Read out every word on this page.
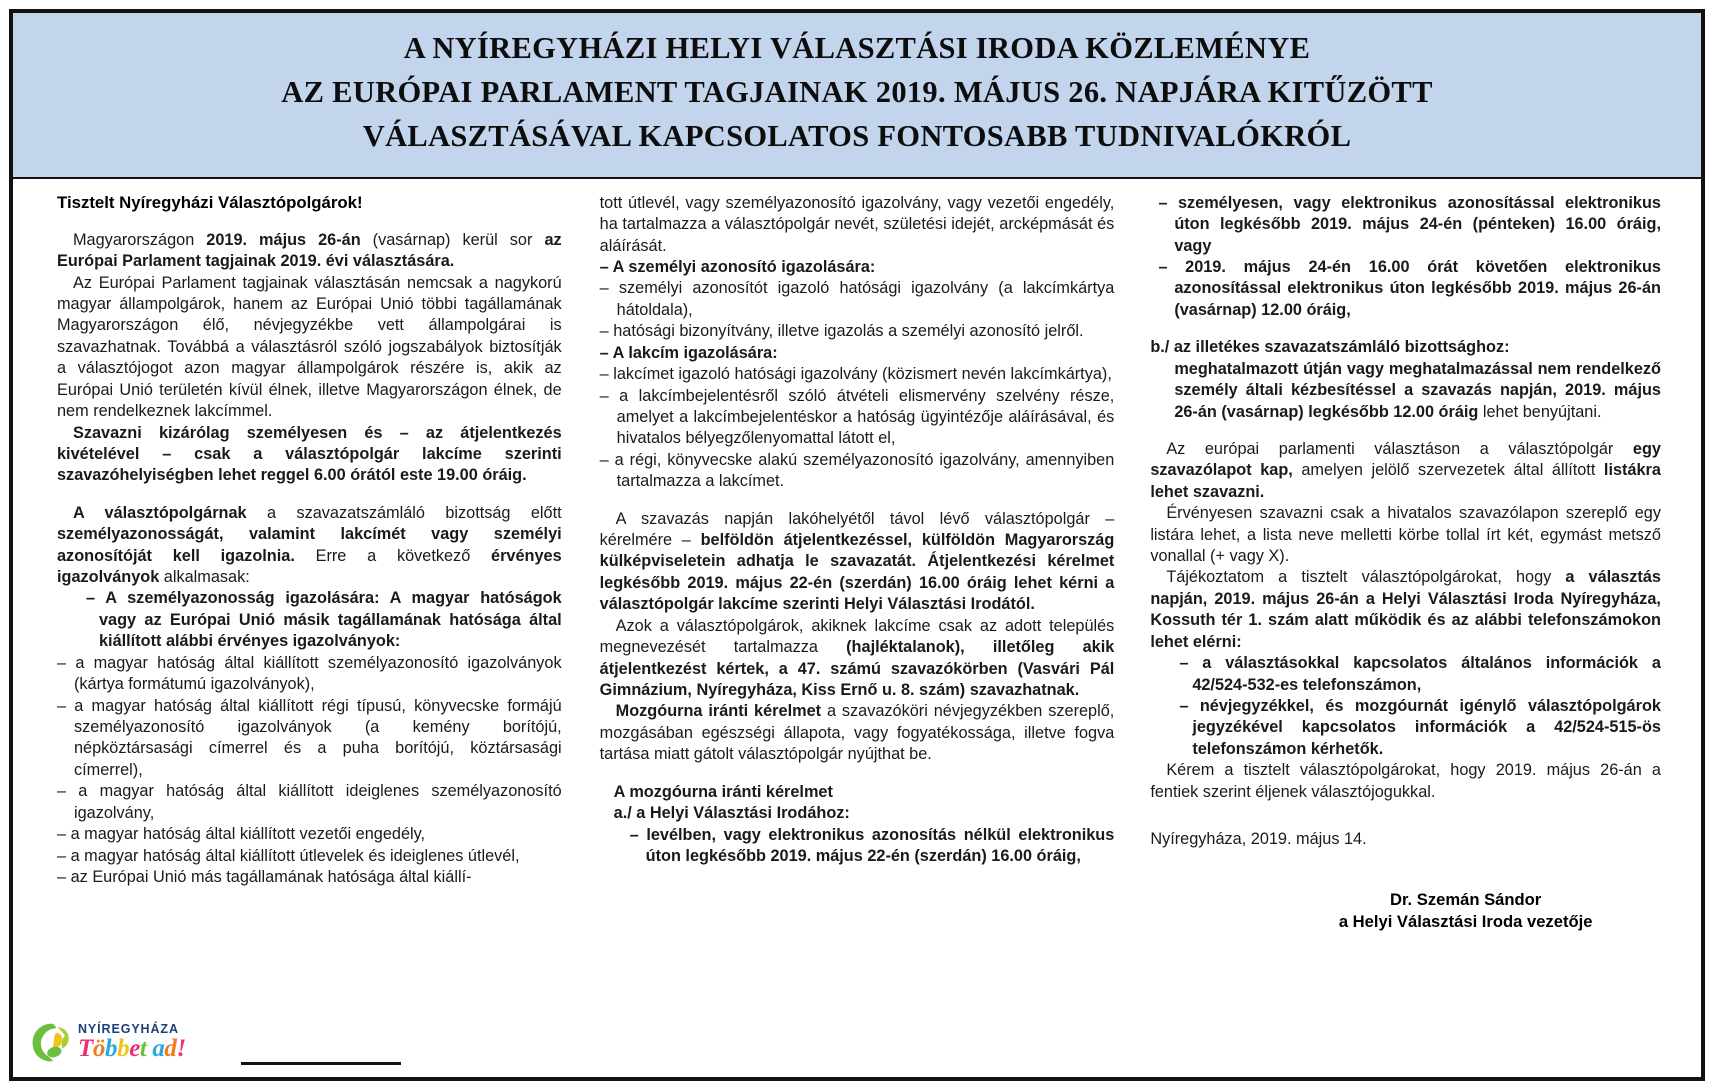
A NYÍREGYHÁZI HELYI VÁLASZTÁSI IRODA KÖZLEMÉNYE
AZ EURÓPAI PARLAMENT TAGJAINAK 2019. MÁJUS 26. NAPJÁRA KITŰZÖTT
VÁLASZTÁSÁVAL KAPCSOLATOS FONTOSABB TUDNIVALÓKRÓL
Tisztelt Nyíregyházi Választópolgárok!

Magyarországon 2019. május 26-án (vasárnap) kerül sor az Európai Parlament tagjainak 2019. évi választására.

Az Európai Parlament tagjainak választásán nemcsak a nagykorú magyar állampolgárok, hanem az Európai Unió többi tagállamának Magyarországon élő, névjegyzékbe vett állampolgárai is szavazhatnak. Továbbá a választásról szóló jogszabályok biztosítják a választójogot azon magyar állampolgárok részére is, akik az Európai Unió területén kívül élnek, illetve Magyarországon élnek, de nem rendelkeznek lakcímmel.

Szavazni kizárólag személyesen és – az átjelentkezés kivételével – csak a választópolgár lakcíme szerinti szavazóhelyiségben lehet reggel 6.00 órától este 19.00 óráig.

A választópolgárnak a szavazatszámláló bizottság előtt személyazonosságát, valamint lakcímét vagy személyi azonosítóját kell igazolnia. Erre a következő érvényes igazolványok alkalmasak:

– A személyazonosság igazolására: A magyar hatóságok vagy az Európai Unió másik tagállamának hatósága által kiállított alábbi érvényes igazolványok:
– a magyar hatóság által kiállított személyazonosító igazolványok (kártya formátumú igazolványok),
– a magyar hatóság által kiállított régi típusú, könyvecske formájú személyazonosító igazolványok (a kemény borítójú, népköztársasági címerrel és a puha borítójú, köztársasági címerrel),
– a magyar hatóság által kiállított ideiglenes személyazonosító igazolvány,
– a magyar hatóság által kiállított vezetői engedély,
– a magyar hatóság által kiállított útlevelek és ideiglenes útlevél,
– az Európai Unió más tagállamának hatósága által kiállí-

tott útlevél, vagy személyazonosító igazolvány, vagy vezetői engedély, ha tartalmazza a választópolgár nevét, születési idejét, arcképmását és aláírását.

– A személyi azonosító igazolására:
– személyi azonosítót igazoló hatósági igazolvány (a lakcímkártya hátoldala),
– hatósági bizonyítvány, illetve igazolás a személyi azonosító jelről.
– A lakcím igazolására:
– lakcímet igazoló hatósági igazolvány (közismert nevén lakcímkártya),
– a lakcímbejelentésről szóló átvételi elismervény szelvény része, amelyet a lakcímbejelentéskor a hatóság ügyintézője aláírásával, és hivatalos bélyegzőlenyomattal látott el,
– a régi, könyvecske alakú személyazonosító igazolvány, amennyiben tartalmazza a lakcímet.

A szavazás napján lakóhelyétől távol lévő választópolgár – kérelmére – belföldön átjelentkezéssel, külföldön Magyarország külképviseletein adhatja le szavazatát. Átjelentkezési kérelmet legkésőbb 2019. május 22-én (szerdán) 16.00 óráig lehet kérni a választópolgár lakcíme szerinti Helyi Választási Irodától.

Azok a választópolgárok, akiknek lakcíme csak az adott település megnevezését tartalmazza (hajléktalanok), illetőleg akik átjelentkezést kértek, a 47. számú szavazókörben (Vasvári Pál Gimnázium, Nyíregyháza, Kiss Ernő u. 8. szám) szavazhatnak.

Mozgóurna iránti kérelmet a szavazóköri névjegyzékben szereplő, mozgásában egészségi állapota, vagy fogyatékossága, illetve fogva tartása miatt gátolt választópolgár nyújthat be.

A mozgóurna iránti kérelmet
a./ a Helyi Választási Irodához:
– levélben, vagy elektronikus azonosítás nélkül elektronikus úton legkésőbb 2019. május 22-én (szerdán) 16.00 óráig,
– személyesen, vagy elektronikus azonosítással elektronikus úton legkésőbb 2019. május 24-én (pénteken) 16.00 óráig, vagy
– 2019. május 24-én 16.00 órát követően elektronikus azonosítással elektronikus úton legkésőbb 2019. május 26-án (vasárnap) 12.00 óráig,
b./ az illetékes szavazatszámláló bizottsághoz:
meghatalmazott útján vagy meghatalmazással nem rendelkező személy általi kézbesítéssel a szavazás napján, 2019. május 26-án (vasárnap) legkésőbb 12.00 óráig lehet benyújtani.

Az európai parlamenti választáson a választópolgár egy szavazólapot kap, amelyen jelölő szervezetek által állított listákra lehet szavazni.

Érvényesen szavazni csak a hivatalos szavazólapon szereplő egy listára lehet, a lista neve melletti körbe tollal írt két, egymást metsző vonallal (+ vagy X).

Tájékoztatom a tisztelt választópolgárokat, hogy a választás napján, 2019. május 26-án a Helyi Választási Iroda Nyíregyháza, Kossuth tér 1. szám alatt működik és az alábbi telefonszámokon lehet elérni:

– a választásokkal kapcsolatos általános információk a 42/524-532-es telefonszámon,
– névjegyzékkel, és mozgóurnát igénylő választópolgárok jegyzékével kapcsolatos információk a 42/524-515-ös telefonszámon kérhetők.

Kérem a tisztelt választópolgárokat, hogy 2019. május 26-án a fentiek szerint éljenek választójogukkal.

Nyíregyháza, 2019. május 14.

Dr. Szemán Sándor
a Helyi Választási Iroda vezetője
NYÍREGYHÁZA
Többet ad!
